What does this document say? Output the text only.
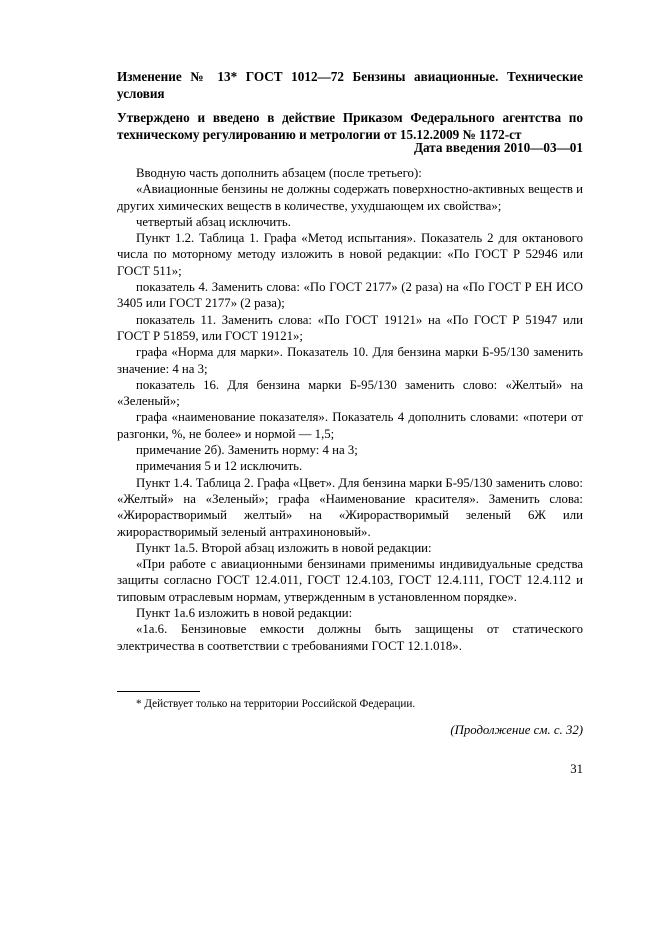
Изменение № 13* ГОСТ 1012—72 Бензины авиационные. Технические условия

Утверждено и введено в действие Приказом Федерального агентства по техническому регулированию и метрологии от 15.12.2009 № 1172-ст

Дата введения 2010—03—01

Вводную часть дополнить абзацем (после третьего):

«Авиационные бензины не должны содержать поверхностно-активных веществ и других химических веществ в количестве, ухудшающем их свойства»;

четвертый абзац исключить.

Пункт 1.2. Таблица 1. Графа «Метод испытания». Показатель 2 для октанового числа по моторному методу изложить в новой редакции: «По ГОСТ Р 52946 или ГОСТ 511»;

показатель 4. Заменить слова: «По ГОСТ 2177» (2 раза) на «По ГОСТ Р ЕН ИСО 3405 или ГОСТ 2177» (2 раза);

показатель 11. Заменить слова: «По ГОСТ 19121» на «По ГОСТ Р 51947 или ГОСТ Р 51859, или ГОСТ 19121»;

графа «Норма для марки». Показатель 10. Для бензина марки Б-95/130 заменить значение: 4 на 3;

показатель 16. Для бензина марки Б-95/130 заменить слово: «Желтый» на «Зеленый»;

графа «наименование показателя». Показатель 4 дополнить словами: «потери от разгонки, %, не более» и нормой — 1,5;

примечание 2б). Заменить норму: 4 на 3;

примечания 5 и 12 исключить.

Пункт 1.4. Таблица 2. Графа «Цвет». Для бензина марки Б-95/130 заменить слово: «Желтый» на «Зеленый»; графа «Наименование красителя». Заменить слова: «Жирорастворимый желтый» на «Жирорастворимый зеленый 6Ж или жирорастворимый зеленый антрахиноновый».

Пункт 1а.5. Второй абзац изложить в новой редакции:

«При работе с авиационными бензинами применимы индивидуальные средства защиты согласно ГОСТ 12.4.011, ГОСТ 12.4.103, ГОСТ 12.4.111, ГОСТ 12.4.112 и типовым отраслевым нормам, утвержденным в установленном порядке».

Пункт 1а.6 изложить в новой редакции:

«1а.6. Бензиновые емкости должны быть защищены от статического электричества в соответствии с требованиями ГОСТ 12.1.018».

* Действует только на территории Российской Федерации.
(Продолжение см. с. 32)
31
